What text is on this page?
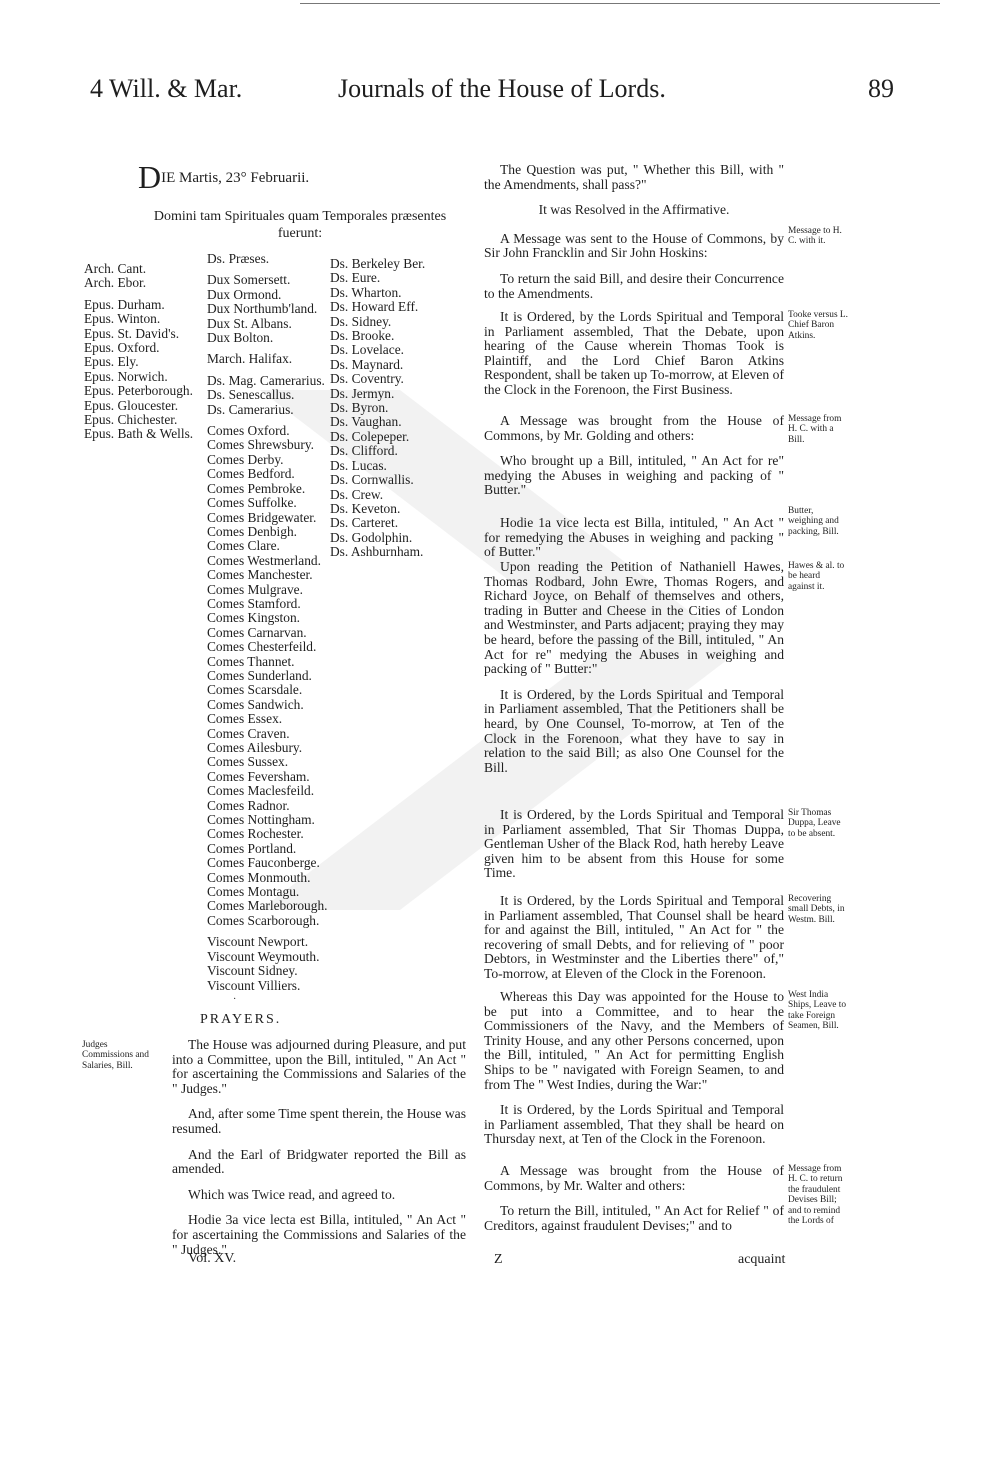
4 Will. & Mar.	Journals of the House of Lords.	89
DIE Martis, 23° Februarii.
Domini tam Spirituales quam Temporales præsentes fuerunt:
Arch. Cant.
Arch. Ebor.
Epus. Durham.
Epus. Winton.
Epus. St. David's.
Epus. Oxford.
Epus. Ely.
Epus. Norwich.
Epus. Peterborough.
Epus. Gloucester.
Epus. Chichester.
Epus. Bath & Wells.
Ds. Præses.
Dux Somersett.
Dux Ormond.
Dux Northumb'land.
Dux St. Albans.
Dux Bolton.
March. Halifax.
Ds. Mag. Camerarius.
Ds. Senescallus.
Ds. Camerarius.
Comes Oxford.
Comes Shrewsbury.
Comes Derby.
Comes Bedford.
Comes Pembroke.
Comes Suffolke.
Comes Bridgewater.
Comes Denbigh.
Comes Clare.
Comes Westmerland.
Comes Manchester.
Comes Mulgrave.
Comes Stamford.
Comes Kingston.
Comes Carnarvan.
Comes Chesterfeild.
Comes Thannet.
Comes Sunderland.
Comes Scarsdale.
Comes Sandwich.
Comes Essex.
Comes Craven.
Comes Ailesbury.
Comes Sussex.
Comes Feversham.
Comes Maclesfeild.
Comes Radnor.
Comes Nottingham.
Comes Rochester.
Comes Portland.
Comes Fauconberge.
Comes Monmouth.
Comes Montagu.
Comes Marleborough.
Comes Scarborough.
Viscount Newport.
Viscount Weymouth.
Viscount Sidney.
Viscount Villiers.
Ds. Berkeley Ber.
Ds. Eure.
Ds. Wharton.
Ds. Howard Eff.
Ds. Sidney.
Ds. Brooke.
Ds. Lovelace.
Ds. Maynard.
Ds. Coventry.
Ds. Jermyn.
Ds. Byron.
Ds. Vaughan.
Ds. Colepeper.
Ds. Clifford.
Ds. Lucas.
Ds. Cornwallis.
Ds. Crew.
Ds. Keveton.
Ds. Carteret.
Ds. Godolphin.
Ds. Ashburnham.
·
PRAYERS.
Judges Commissions and Salaries, Bill.

The House was adjourned during Pleasure, and put into a Committee, upon the Bill, intituled, " An Act " for ascertaining the Commissions and Salaries of the " Judges."

And, after some Time spent therein, the House was resumed.

And the Earl of Bridgwater reported the Bill as amended.

Which was Twice read, and agreed to.

Hodie 3a vice lecta est Billa, intituled, " An Act " for ascertaining the Commissions and Salaries of the " Judges."

Vol. XV.

The Question was put, " Whether this Bill, with " the Amendments, shall pass?"

It was Resolved in the Affirmative.

A Message was sent to the House of Commons, by Sir John Francklin and Sir John Hoskins:

To return the said Bill, and desire their Concurrence to the Amendments.

It is Ordered, by the Lords Spiritual and Temporal in Parliament assembled, That the Debate, upon hearing of the Cause wherein Thomas Took is Plaintiff, and the Lord Chief Baron Atkins Respondent, shall be taken up To-morrow, at Eleven of the Clock in the Forenoon, the First Business.

A Message was brought from the House of Commons, by Mr. Golding and others:

Who brought up a Bill, intituled, " An Act for re" medying the Abuses in weighing and packing of " Butter."

Hodie 1a vice lecta est Billa, intituled, " An Act " for remedying the Abuses in weighing and packing " of Butter."

Upon reading the Petition of Nathaniell Hawes, Thomas Rodbard, John Ewre, Thomas Rogers, and Richard Joyce, on Behalf of themselves and others, trading in Butter and Cheese in the Cities of London and Westminster, and Parts adjacent; praying they may be heard, before the passing of the Bill, intituled, " An Act for re" medying the Abuses in weighing and packing of " Butter:"

It is Ordered, by the Lords Spiritual and Temporal in Parliament assembled, That the Petitioners shall be heard, by One Counsel, To-morrow, at Ten of the Clock in the Forenoon, what they have to say in relation to the said Bill; as also One Counsel for the Bill.

It is Ordered, by the Lords Spiritual and Temporal in Parliament assembled, That Sir Thomas Duppa, Gentleman Usher of the Black Rod, hath hereby Leave given him to be absent from this House for some Time.

It is Ordered, by the Lords Spiritual and Temporal in Parliament assembled, That Counsel shall be heard for and against the Bill, intituled, " An Act for " the recovering of small Debts, and for relieving of " poor Debtors, in Westminster and the Liberties there" of," To-morrow, at Eleven of the Clock in the Forenoon.

Whereas this Day was appointed for the House to be put into a Committee, and to hear the Commissioners of the Navy, and the Members of Trinity House, and any other Persons concerned, upon the Bill, intituled, " An Act for permitting English Ships to be " navigated with Foreign Seamen, to and from The " West Indies, during the War:"

It is Ordered, by the Lords Spiritual and Temporal in Parliament assembled, That they shall be heard on Thursday next, at Ten of the Clock in the Forenoon.

A Message was brought from the House of Commons, by Mr. Walter and others:

To return the Bill, intituled, " An Act for Relief " of Creditors, against fraudulent Devises;" and to

Z	acquaint
Message to H. C. with it.
Tooke versus L. Chief Baron Atkins.
Message from H. C. with a Bill.
Butter, weighing and packing, Bill.
Hawes & al. to be heard against it.
Sir Thomas Duppa, Leave to be absent.
Recovering small Debts, in Westm. Bill.
West India Ships, Leave to take Foreign Seamen, Bill.
Message from H. C. to return the fraudulent Devises Bill; and to remind the Lords of
